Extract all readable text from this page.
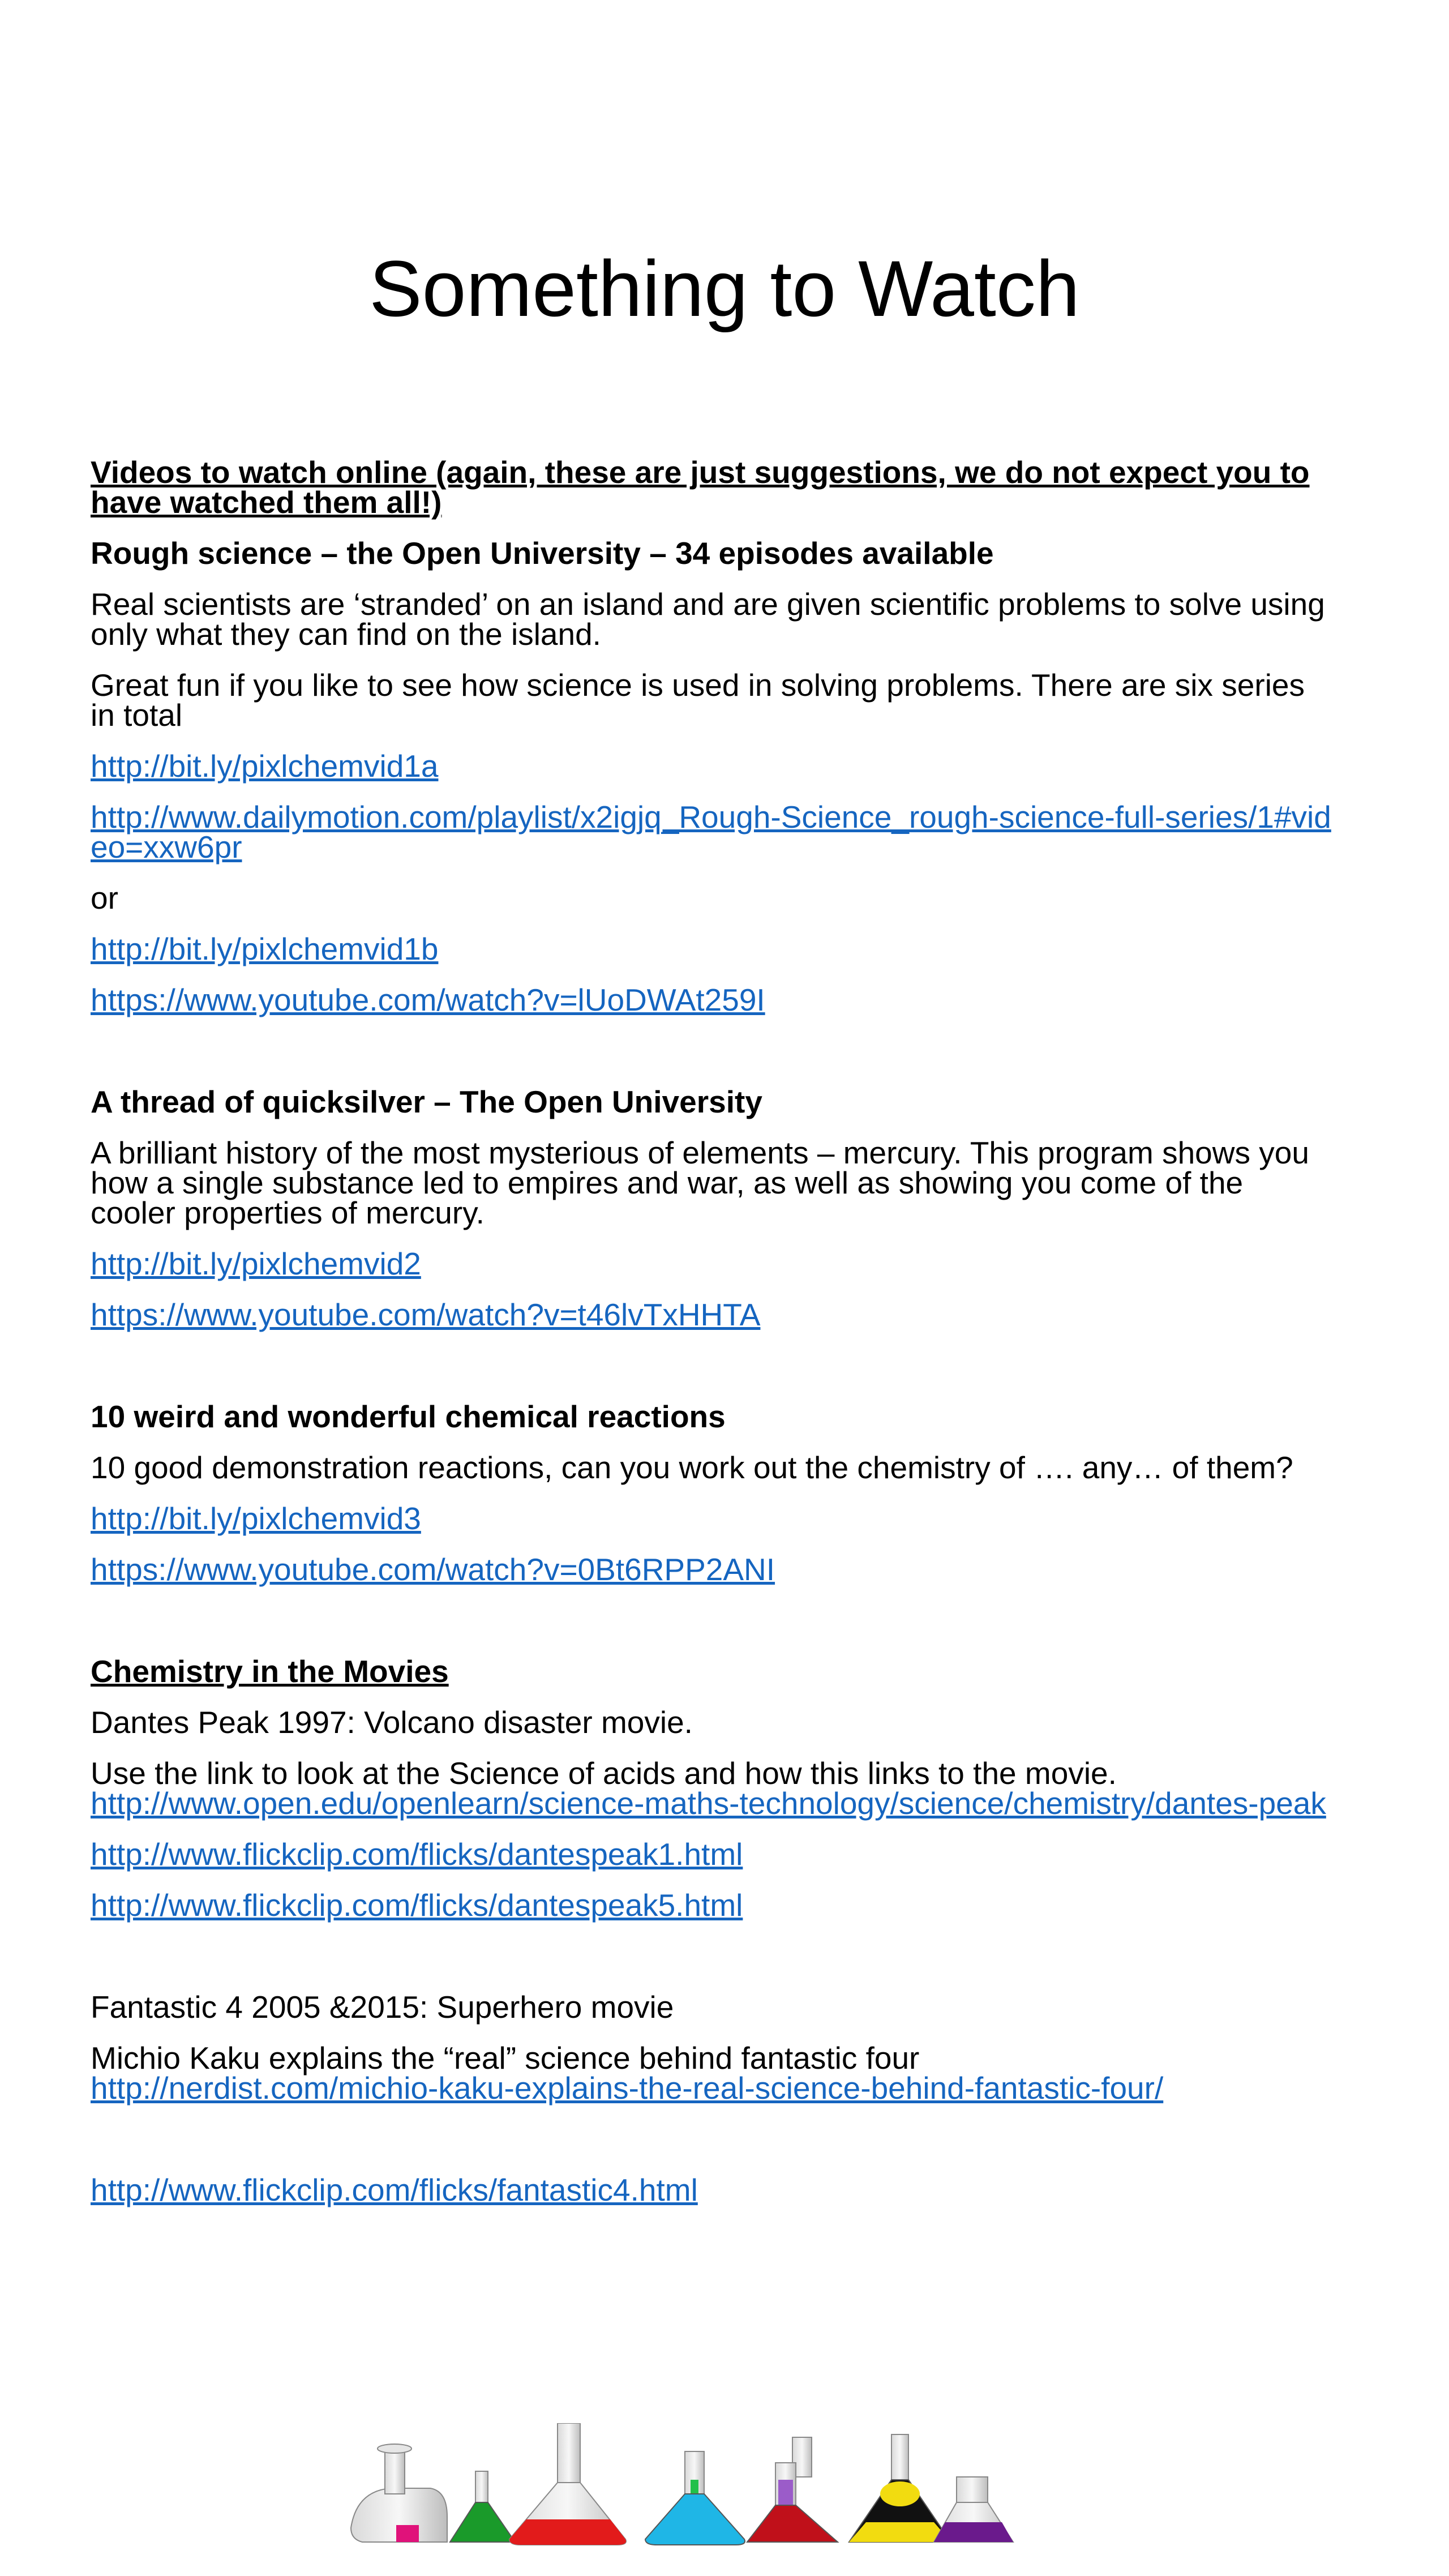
Something to Watch

Videos to watch online (again, these are just suggestions, we do not expect you to have watched them all!)

Rough science – the Open University – 34 episodes available

Real scientists are ‘stranded’ on an island and are given scientific problems to solve using only what they can find on the island.

Great fun if you like to see how science is used in solving problems. There are six series in total

http://bit.ly/pixlchemvid1a

http://www.dailymotion.com/playlist/x2igjq_Rough-Science_rough-science-full-series/1#video=xxw6pr

or

http://bit.ly/pixlchemvid1b

https://www.youtube.com/watch?v=lUoDWAt259I

A thread of quicksilver – The Open University

A brilliant history of the most mysterious of elements – mercury. This program shows you how a single substance led to empires and war, as well as showing you come of the cooler properties of mercury.

http://bit.ly/pixlchemvid2

https://www.youtube.com/watch?v=t46lvTxHHTA

10 weird and wonderful chemical reactions

10 good demonstration reactions, can you work out the chemistry of …. any… of them?

http://bit.ly/pixlchemvid3

https://www.youtube.com/watch?v=0Bt6RPP2ANI

Chemistry in the Movies

Dantes Peak 1997: Volcano disaster movie.

Use the link to look at the Science of acids and how this links to the movie.
http://www.open.edu/openlearn/science-maths-technology/science/chemistry/dantes-peak

http://www.flickclip.com/flicks/dantespeak1.html

http://www.flickclip.com/flicks/dantespeak5.html

Fantastic 4 2005 &2015: Superhero movie

Michio Kaku explains the “real” science behind fantastic four
http://nerdist.com/michio-kaku-explains-the-real-science-behind-fantastic-four/

http://www.flickclip.com/flicks/fantastic4.html
